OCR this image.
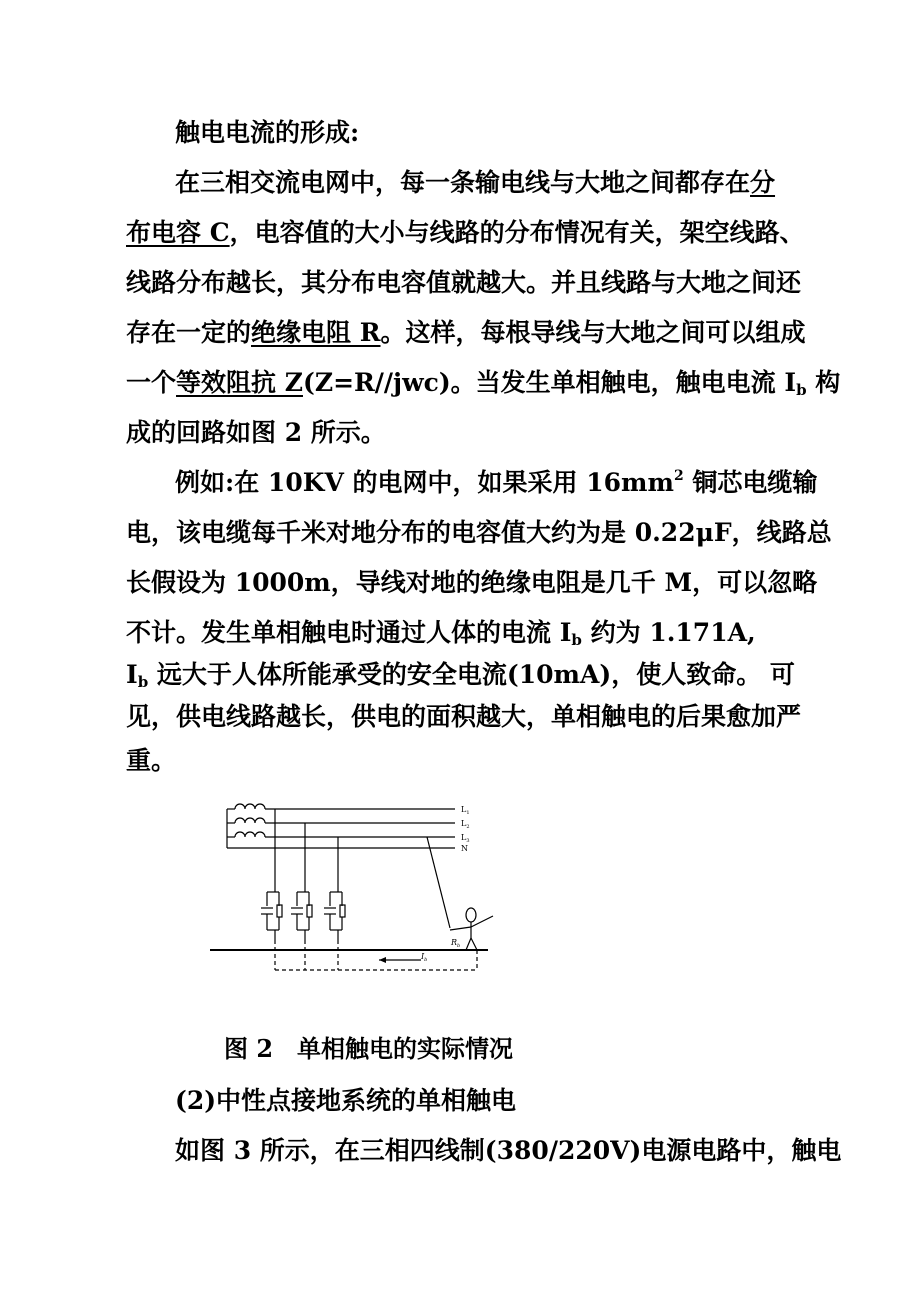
触电电流的形成:
在三相交流电网中，每一条输电线与大地之间都存在分
布电容 C，电容值的大小与线路的分布情况有关，架空线路、
线路分布越长，其分布电容值就越大。并且线路与大地之间还
存在一定的绝缘电阻 R。这样，每根导线与大地之间可以组成
一个等效阻抗 Z(Z=R//jwc)。当发生单相触电，触电电流 $I_b$ 构
成的回路如图 2 所示。
例如:在 10KV 的电网中，如果采用 $16mm^2$ 铜芯电缆输
电，该电缆每千米对地分布的电容值大约为是 0.22μF，线路总
长假设为 1000m，导线对地的绝缘电阻是几千 M，可以忽略
不计。发生单相触电时通过人体的电流 $I_b$ 约为 1.171A,
$I_b$ 远大于人体所能承受的安全电流(10mA)，使人致命。 可
见，供电线路越长，供电的面积越大，单相触电的后果愈加严
重。
$L_1$
$L_2$
$L_3$
N
$R_b$
$I_b$
图 2　单相触电的实际情况
(2)中性点接地系统的单相触电
如图 3 所示，在三相四线制(380/220V)电源电路中，触电
